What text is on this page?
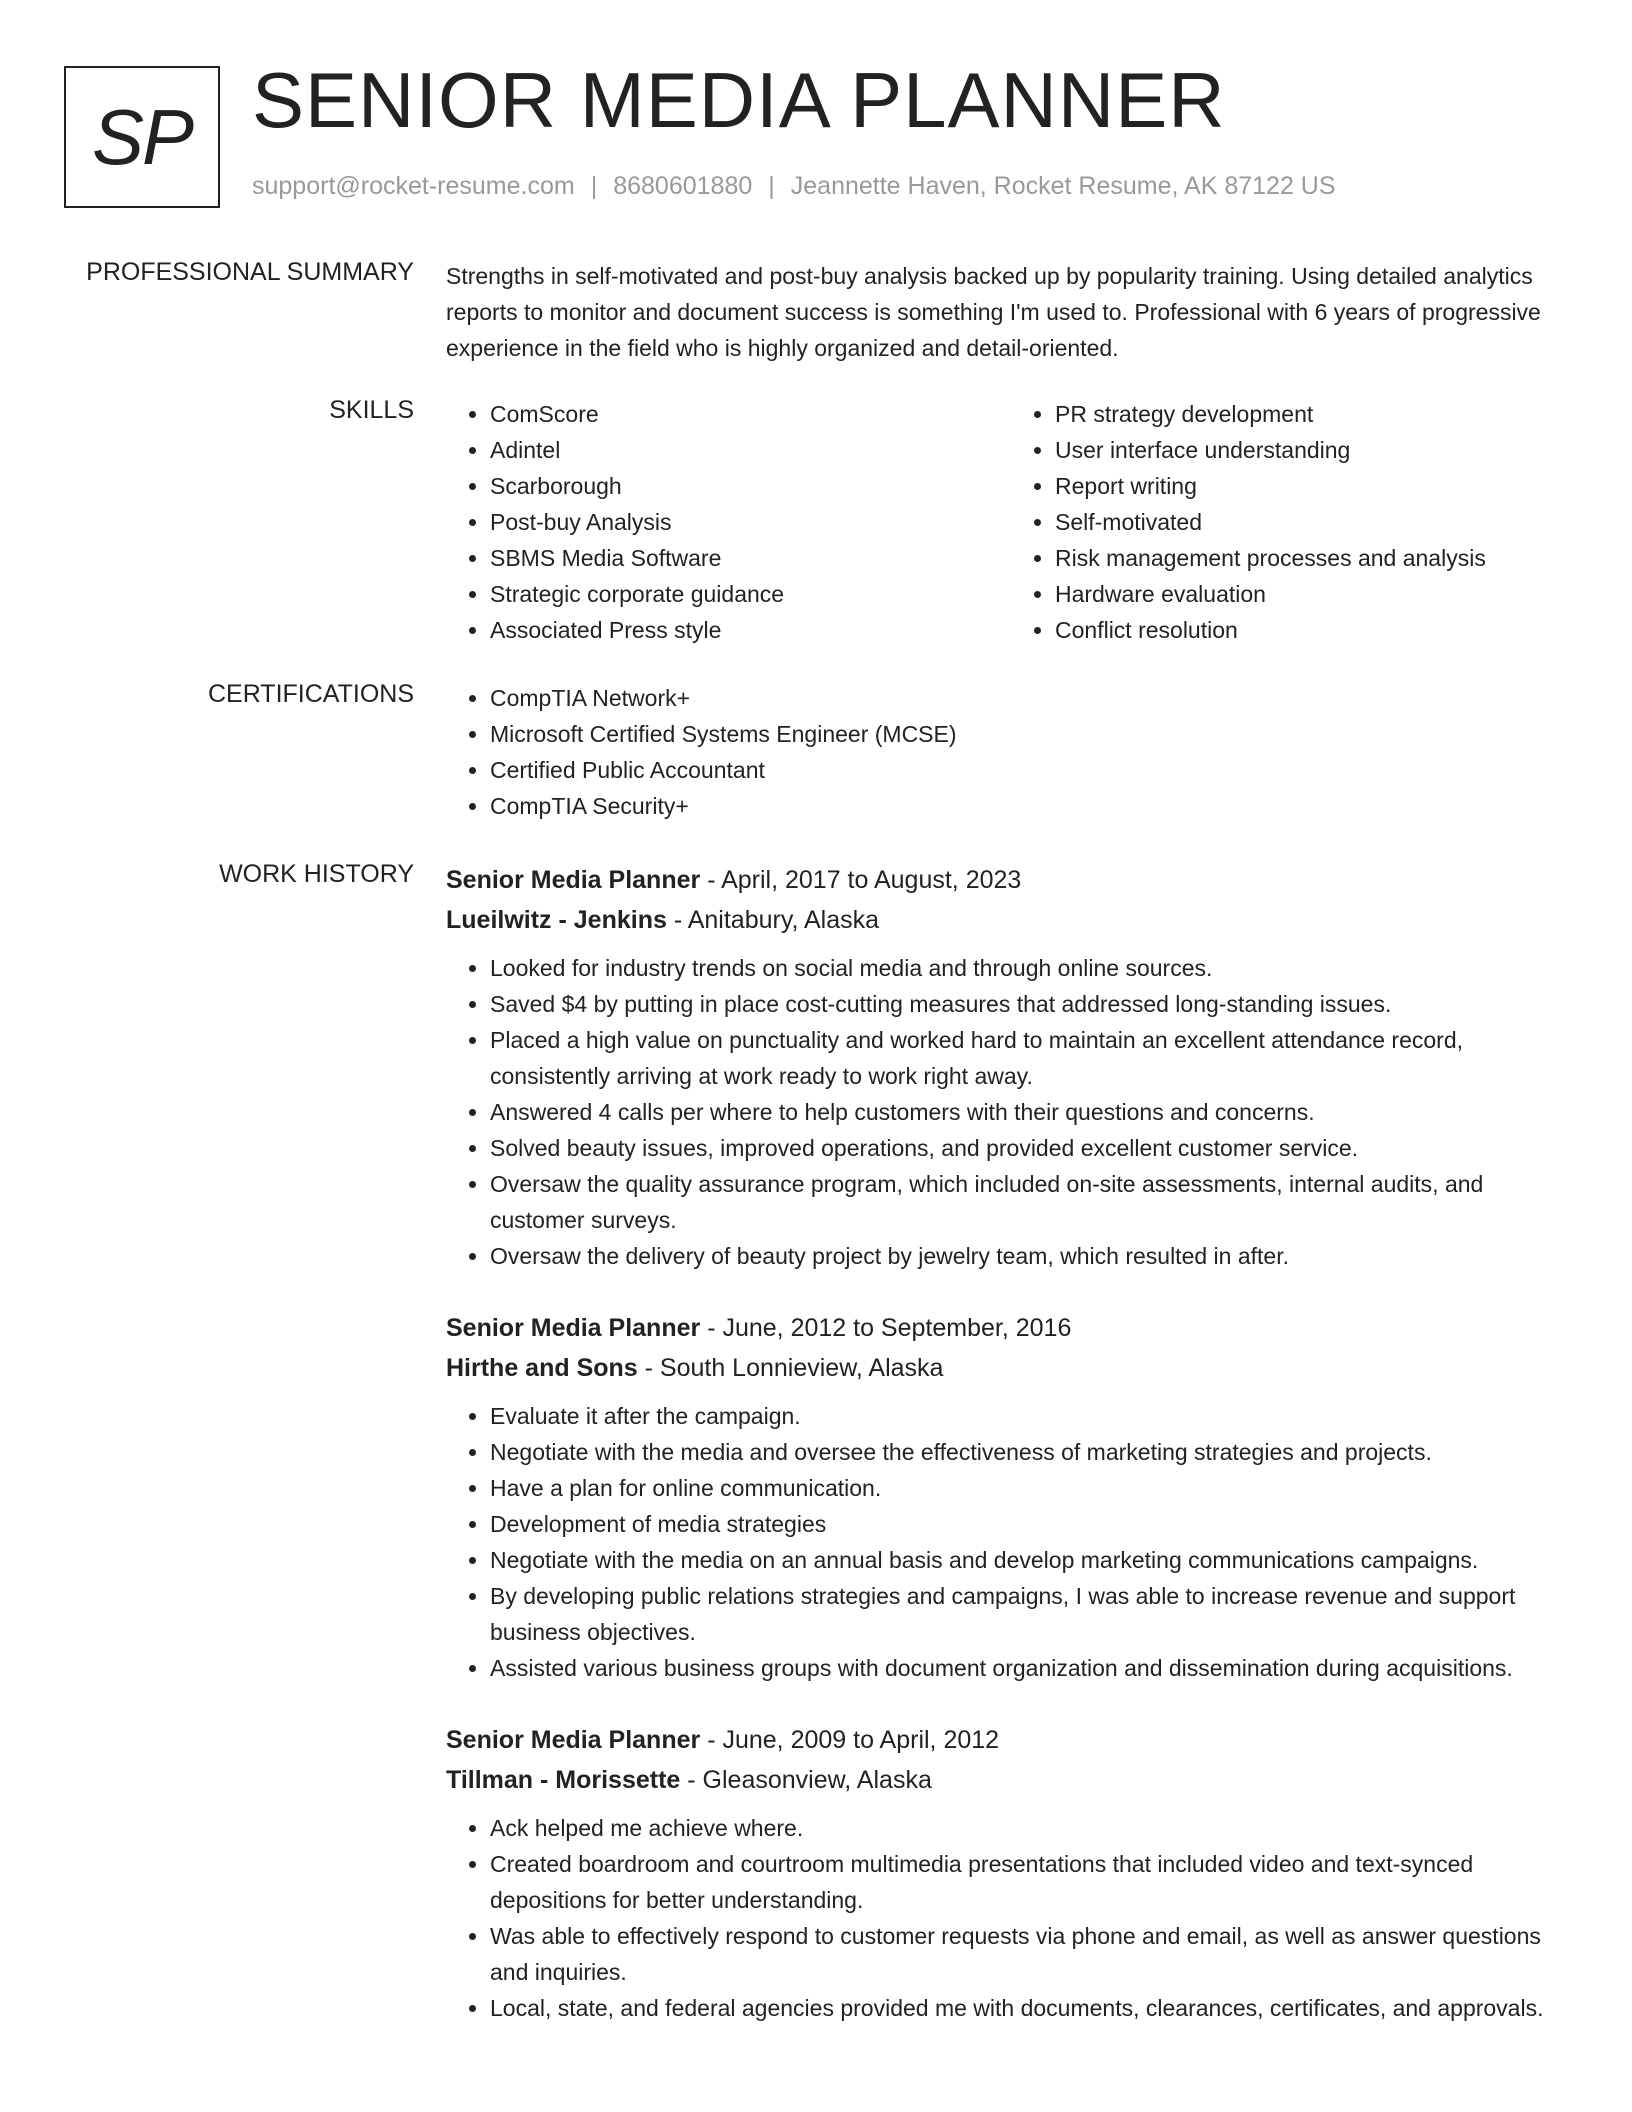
SP SENIOR MEDIA PLANNER
support@rocket-resume.com | 8680601880 | Jeannette Haven, Rocket Resume, AK 87122 US
PROFESSIONAL SUMMARY Strengths in self-motivated and post-buy analysis backed up by popularity training. Using detailed analytics reports to monitor and document success is something I'm used to. Professional with 6 years of progressive experience in the field who is highly organized and detail-oriented.

SKILLS	• ComScore
• Adintel
• Scarborough
• Post-buy Analysis
• SBMS Media Software
• Strategic corporate guidance
• Associated Press style
• PR strategy development
• User interface understanding
• Report writing
• Self-motivated
• Risk management processes and analysis
• Hardware evaluation
• Conflict resolution
CERTIFICATIONS	• CompTIA Network+
• Microsoft Certified Systems Engineer (MCSE)
• Certified Public Accountant
• CompTIA Security+
WORK HISTORY Senior Media Planner - April, 2017 to August, 2023
Lueilwitz - Jenkins - Anitabury, Alaska
• Looked for industry trends on social media and through online sources.
• Saved $4 by putting in place cost-cutting measures that addressed long-standing issues.
• Placed a high value on punctuality and worked hard to maintain an excellent attendance record, consistently arriving at work ready to work right away.
• Answered 4 calls per where to help customers with their questions and concerns.
• Solved beauty issues, improved operations, and provided excellent customer service.
• Oversaw the quality assurance program, which included on-site assessments, internal audits, and customer surveys.
• Oversaw the delivery of beauty project by jewelry team, which resulted in after.
Senior Media Planner - June, 2012 to September, 2016
Hirthe and Sons - South Lonnieview, Alaska
• Evaluate it after the campaign.
• Negotiate with the media and oversee the effectiveness of marketing strategies and projects.
• Have a plan for online communication.
• Development of media strategies
• Negotiate with the media on an annual basis and develop marketing communications campaigns.
• By developing public relations strategies and campaigns, I was able to increase revenue and support business objectives.
• Assisted various business groups with document organization and dissemination during acquisitions.
Senior Media Planner - June, 2009 to April, 2012
Tillman - Morissette - Gleasonview, Alaska
• Ack helped me achieve where.
• Created boardroom and courtroom multimedia presentations that included video and text-synced depositions for better understanding.
• Was able to effectively respond to customer requests via phone and email, as well as answer questions and inquiries.
• Local, state, and federal agencies provided me with documents, clearances, certificates, and approvals.
